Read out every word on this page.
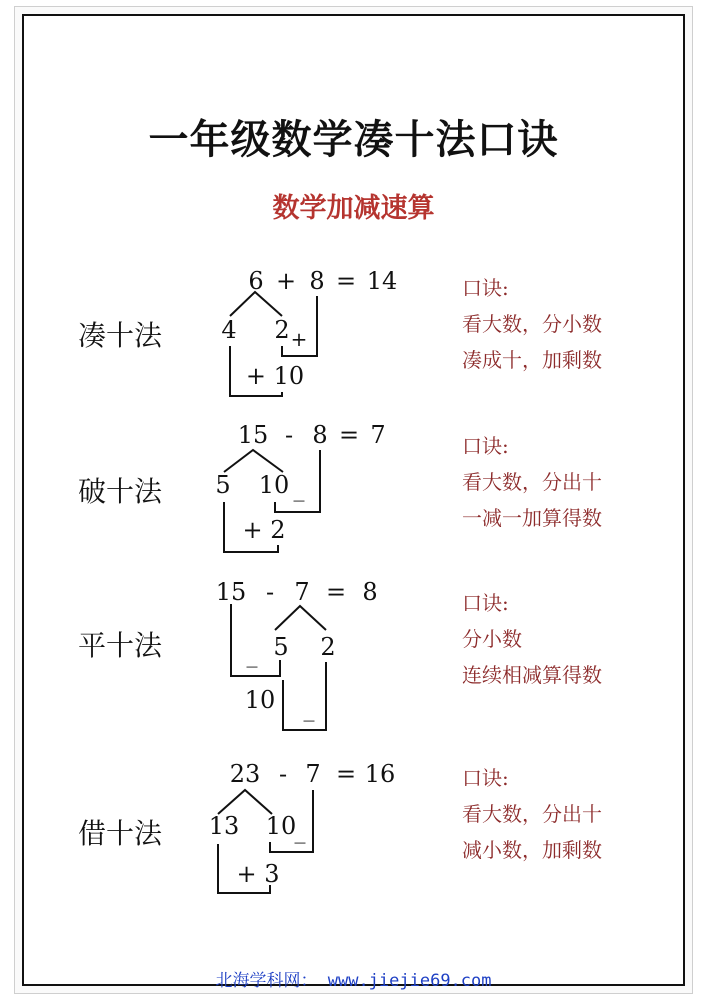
一年级数学凑十法口诀
数学加减速算
凑十法
破十法
平十法
借十法
6 + 8 = 14
4 2 +
+ 10
15 - 8 = 7
5 10 _
+ 2
15 - 7 = 8
_ 5 2
10 _
23 - 7 = 16
13 10
_
+ 3
口诀:
看大数，分小数
凑成十，加剩数
口诀:
看大数，分出十
一减一加算得数
口诀:
分小数
连续相减算得数
口诀:
看大数，分出十
减小数，加剩数
北海学科网： www.jiejie69.com
